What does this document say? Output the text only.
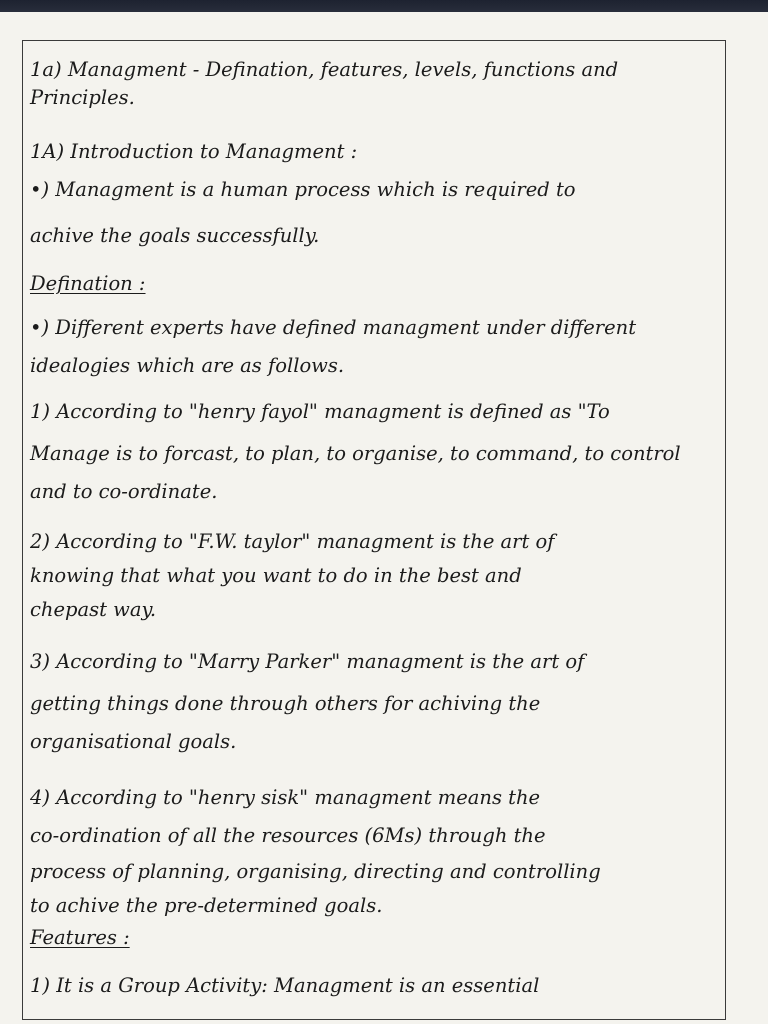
1a) Managment - Defination, features, levels, functions and
Principles.
1A) Introduction to Managment :
•) Managment is a human process which is required to
achive the goals successfully.
Defination :
•) Different experts have defined managment under different
idealogies which are as follows.
1) According to "henry fayol" managment is defined as "To
Manage is to forcast, to plan, to organise, to command, to control
and to co-ordinate.
2) According to "F.W. taylor" managment is the art of
knowing that what you want to do in the best and
chepast way.
3) According to "Marry Parker" managment is the art of
getting things done through others for achiving the
organisational goals.
4) According to "henry sisk" managment means the
co-ordination of all the resources (6Ms) through the
process of planning, organising, directing and controlling
to achive the pre-determined goals.
Features :
1) It is a Group Activity: Managment is an essential
